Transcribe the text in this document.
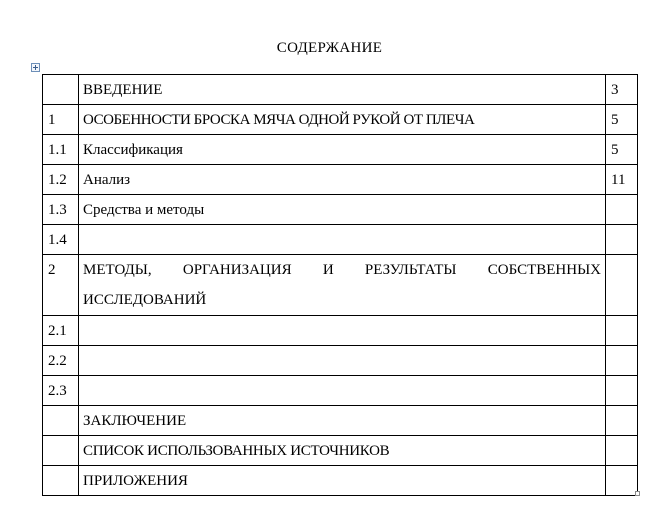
СОДЕРЖАНИЕ
	ВВЕДЕНИЕ	3
1	ОСОБЕННОСТИ БРОСКА МЯЧА ОДНОЙ РУКОЙ ОТ ПЛЕЧА	5
1.1	Классификация	5
1.2	Анализ	11
1.3	Средства и методы	
1.4		
2	МЕТОДЫ, ОРГАНИЗАЦИЯ И РЕЗУЛЬТАТЫ СОБСТВЕННЫХ
ИССЛЕДОВАНИЙ	

2.1		
2.2		
2.3		
	ЗАКЛЮЧЕНИЕ	
	СПИСОК ИСПОЛЬЗОВАННЫХ ИСТОЧНИКОВ	
	ПРИЛОЖЕНИЯ	
